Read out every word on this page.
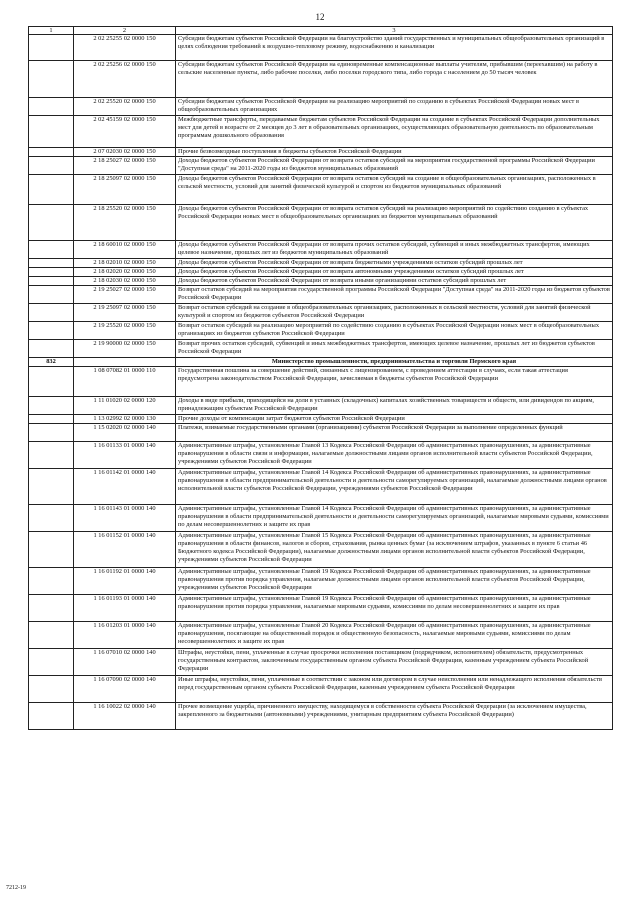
12
1	2	3
	2 02 25255 02 0000 150	Субсидии бюджетам субъектов Российской Федерации на благоустройство зданий государственных и муниципальных общеобразовательных организаций в целях соблюдения требований к воздушно-тепловому режиму, водоснабжению и канализации
	2 02 25256 02 0000 150	Субсидии бюджетам субъектов Российской Федерации на единовременные компенсационные выплаты учителям, прибывшим (переехавшим) на работу в сельские населенные пункты, либо рабочие поселки, либо поселки городского типа, либо города с населением до 50 тысяч человек
	2 02 25520 02 0000 150	Субсидии бюджетам субъектов Российской Федерации на реализацию мероприятий по созданию в субъектах Российской Федерации новых мест в общеобразовательных организациях
	2 02 45159 02 0000 150	Межбюджетные трансферты, передаваемые бюджетам субъектов Российской Федерации на создание в субъектах Российской Федерации дополнительных мест для детей в возрасте от 2 месяцев до 3 лет в образовательных организациях, осуществляющих образовательную деятельность по образовательным программам дошкольного образования
	2 07 02030 02 0000 150	Прочие безвозмездные поступления в бюджеты субъектов Российской Федерации
	2 18 25027 02 0000 150	Доходы бюджетов субъектов Российской Федерации от возврата остатков субсидий на мероприятия государственной программы Российской Федерации "Доступная среда" на 2011-2020 годы из бюджетов муниципальных образований
	2 18 25097 02 0000 150	Доходы бюджетов субъектов Российской Федерации от возврата остатков субсидий на создание в общеобразовательных организациях, расположенных в сельской местности, условий для занятий физической культурой и спортом из бюджетов муниципальных образований
	2 18 25520 02 0000 150	Доходы бюджетов субъектов Российской Федерации от возврата остатков субсидий на реализацию мероприятий по содействию созданию в субъектах Российской Федерации новых мест в общеобразовательных организациях из бюджетов муниципальных образований
	2 18 60010 02 0000 150	Доходы бюджетов субъектов Российской Федерации от возврата прочих остатков субсидий, субвенций и иных межбюджетных трансфертов, имеющих целевое назначение, прошлых лет из бюджетов муниципальных образований
	2 18 02010 02 0000 150	Доходы бюджетов субъектов Российской Федерации от возврата бюджетными учреждениями остатков субсидий прошлых лет
	2 18 02020 02 0000 150	Доходы бюджетов субъектов Российской Федерации от возврата автономными учреждениями остатков субсидий прошлых лет
	2 18 02030 02 0000 150	Доходы бюджетов субъектов Российской Федерации от возврата иными организациями остатков субсидий прошлых лет
	2 19 25027 02 0000 150	Возврат остатков субсидий на мероприятия государственной программы Российской Федерации "Доступная среда" на 2011-2020 годы из бюджетов субъектов Российской Федерации
	2 19 25097 02 0000 150	Возврат остатков субсидий на создание в общеобразовательных организациях, расположенных в сельской местности, условий для занятий физической культурой и спортом из бюджетов субъектов Российской Федерации
	2 19 25520 02 0000 150	Возврат остатков субсидий на реализацию мероприятий по содействию созданию в субъектах Российской Федерации новых мест в общеобразовательных организациях из бюджетов субъектов Российской Федерации
	2 19 90000 02 0000 150	Возврат прочих остатков субсидий, субвенций и иных межбюджетных трансфертов, имеющих целевое назначение, прошлых лет из бюджетов субъектов Российской Федерации
832		Министерство промышленности, предпринимательства и торговли Пермского края
	1 08 07082 01 0000 110	Государственная пошлина за совершение действий, связанных с лицензированием, с проведением аттестации в случаях, если такая аттестация предусмотрена законодательством Российской Федерации, зачисляемая в бюджеты субъектов Российской Федерации
	1 11 01020 02 0000 120	Доходы в виде прибыли, приходящейся на доли в уставных (складочных) капиталах хозяйственных товариществ и обществ, или дивидендов по акциям, принадлежащим субъектам Российской Федерации
	1 13 02992 02 0000 130	Прочие доходы от компенсации затрат бюджетов субъектов Российской Федерации
	1 15 02020 02 0000 140	Платежи, взимаемые государственными органами (организациями) субъектов Российской Федерации за выполнение определенных функций
	1 16 01133 01 0000 140	Административные штрафы, установленные Главой 13 Кодекса Российской Федерации об административных правонарушениях, за административные правонарушения в области связи и информации, налагаемые должностными лицами органов исполнительной власти субъектов Российской Федерации, учреждениями субъектов Российской Федерации
	1 16 01142 01 0000 140	Административные штрафы, установленные Главой 14 Кодекса Российской Федерации об административных правонарушениях, за административные правонарушения в области предпринимательской деятельности и деятельности саморегулируемых организаций, налагаемые должностными лицами органов исполнительной власти субъектов Российской Федерации, учреждениями субъектов Российской Федерации
	1 16 01143 01 0000 140	Административные штрафы, установленные Главой 14 Кодекса Российской Федерации об административных правонарушениях, за административные правонарушения в области предпринимательской деятельности и деятельности саморегулируемых организаций, налагаемые мировыми судьями, комиссиями по делам несовершеннолетних и защите их прав
	1 16 01152 01 0000 140	Административные штрафы, установленные Главой 15 Кодекса Российской Федерации об административных правонарушениях, за административные правонарушения в области финансов, налогов и сборов, страхования, рынка ценных бумаг (за исключением штрафов, указанных в пункте 6 статьи 46 Бюджетного кодекса Российской Федерации), налагаемые должностными лицами органов исполнительной власти субъектов Российской Федерации, учреждениями субъектов Российской Федерации
	1 16 01192 01 0000 140	Административные штрафы, установленные Главой 19 Кодекса Российской Федерации об административных правонарушениях, за административные правонарушения против порядка управления, налагаемые должностными лицами органов исполнительной власти субъектов Российской Федерации, учреждениями субъектов Российской Федерации
	1 16 01193 01 0000 140	Административные штрафы, установленные Главой 19 Кодекса Российской Федерации об административных правонарушениях, за административные правонарушения против порядка управления, налагаемые мировыми судьями, комиссиями по делам несовершеннолетних и защите их прав
	1 16 01203 01 0000 140	Административные штрафы, установленные Главой 20 Кодекса Российской Федерации об административных правонарушениях, за административные правонарушения, посягающие на общественный порядок и общественную безопасность, налагаемые мировыми судьями, комиссиями по делам несовершеннолетних и защите их прав
	1 16 07010 02 0000 140	Штрафы, неустойки, пени, уплаченные в случае просрочки исполнения поставщиком (подрядчиком, исполнителем) обязательств, предусмотренных государственным контрактом, заключенным государственным органом субъекта Российской Федерации, казенным учреждением субъекта Российской Федерации
	1 16 07090 02 0000 140	Иные штрафы, неустойки, пени, уплаченные в соответствии с законом или договором в случае неисполнения или ненадлежащего исполнения обязательств перед государственным органом субъекта Российской Федерации, казенным учреждением субъекта Российской Федерации
	1 16 10022 02 0000 140	Прочее возмещение ущерба, причиненного имуществу, находящемуся в собственности субъекта Российской Федерации (за исключением имущества, закрепленного за бюджетными (автономными) учреждениями, унитарным предприятиям субъекта Российской Федерации)
7212-19
